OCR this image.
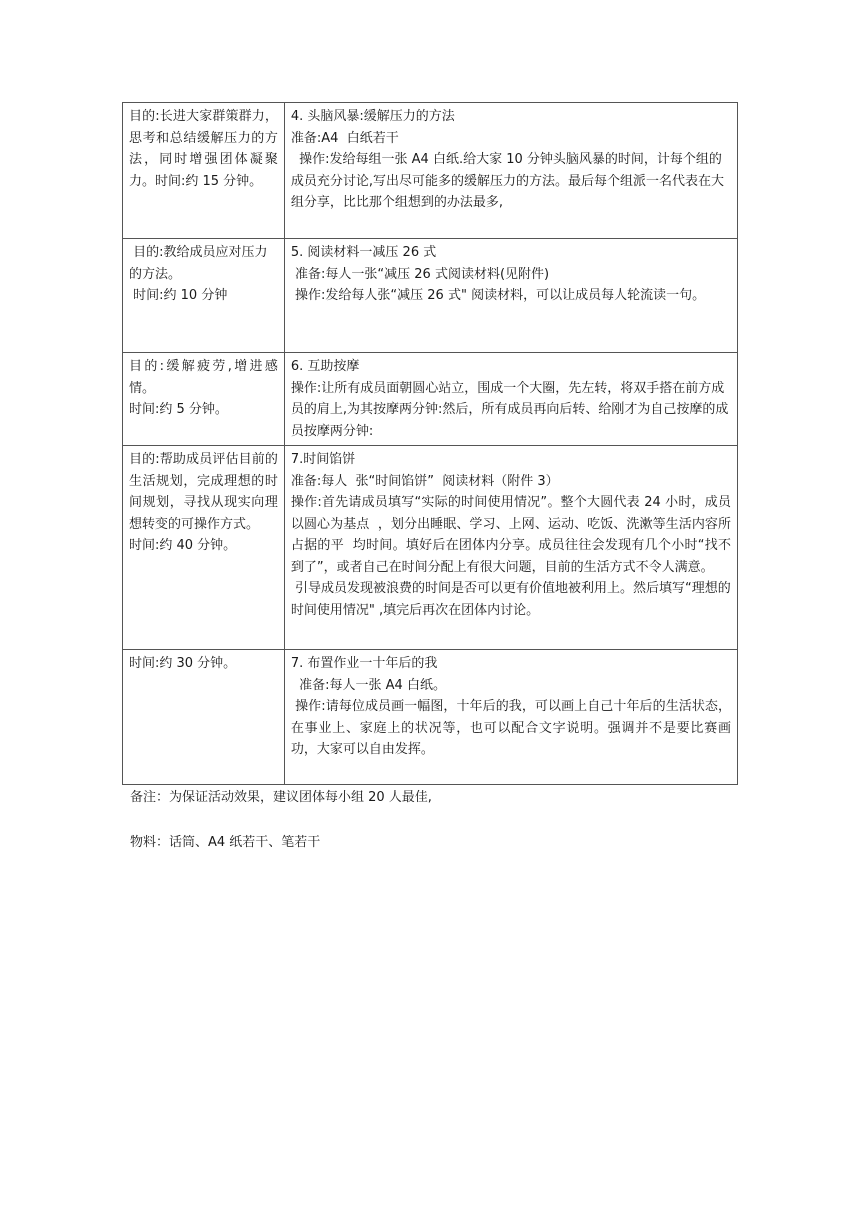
目的:长进大家群策群力，思考和总结缓解压力的方法，同时增强团体凝聚力。时间:约 15 分钟。	4. 头脑风暴:缓解压力的方法
准备:A4  白纸若干
操作:发给每组一张 A4 白纸.给大家 10 分钟头脑风暴的时间，计每个组的成员充分讨论,写出尽可能多的缓解压力的方法。最后每个组派一名代表在大组分享，比比那个组想到的办法最多,

目的:教给成员应对压力的方法。
时间:约 10 分钟	5. 阅读材料一减压 26 式
准备:每人一张“减压 26 式阅读材料(见附件)
操作:发给每人张“减压 26 式" 阅读材料，可以让成员每人轮流读一句。

目的:缓解疲劳,增进感情。
时间:约 5 分钟。	6. 互助按摩
操作:让所有成员面朝圆心站立，围成一个大圈，先左转，将双手搭在前方成  员的肩上,为其按摩两分钟:然后，所有成员再向后转、给刚才为自己按摩的成员按摩两分钟:

目的:帮助成员评估目前的生活规划，完成理想的时间规划，寻找从现实向理想转变的可操作方式。
时间:约 40 分钟。	7.时间馅饼
准备:每人  张“时间馅饼”  阅读材料（附件 3）
操作:首先请成员填写“实际的时间使用情况”。整个大圆代表 24 小时，成员以圆心为基点  ，划分出睡眠、学习、上网、运动、吃饭、洗漱等生活内容所占据的平  均时间。填好后在团体内分享。成员往往会发现有几个小时“找不到了”，或者自己在时间分配上有很大问题，目前的生活方式不令人满意。
引导成员发现被浪费的时间是否可以更有价值地被利用上。然后填写“理想的时间使用情况" ,填完后再次在团体内讨论。

时间:约 30 分钟。	7. 布置作业一十年后的我
准备:每人一张 A4 白纸。
操作:请每位成员画一幅图，十年后的我，可以画上自己十年后的生活状态，在事业上、家庭上的状况等，也可以配合文字说明。强调并不是要比赛画功，大家可以自由发挥。
备注：为保证活动效果，建议团体每小组 20 人最佳,
物料：话筒、A4 纸若干、笔若干
